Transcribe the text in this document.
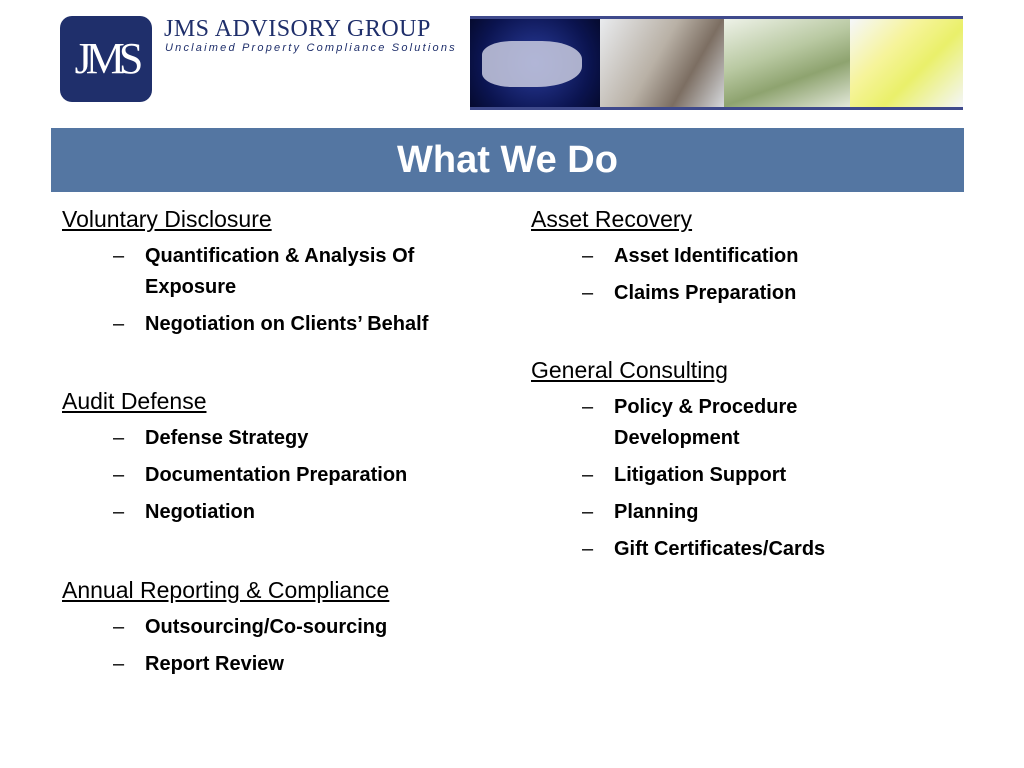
JMS
JMS ADVISORY GROUP
Unclaimed Property Compliance Solutions
What We Do
Voluntary Disclosure
– Quantification & Analysis Of Exposure
– Negotiation on Clients’ Behalf
Audit Defense
– Defense Strategy
– Documentation Preparation
– Negotiation
Annual Reporting & Compliance
– Outsourcing/Co-sourcing
– Report Review
Asset Recovery
– Asset Identification
– Claims Preparation
General Consulting
– Policy & Procedure Development
– Litigation Support
– Planning
– Gift Certificates/Cards
